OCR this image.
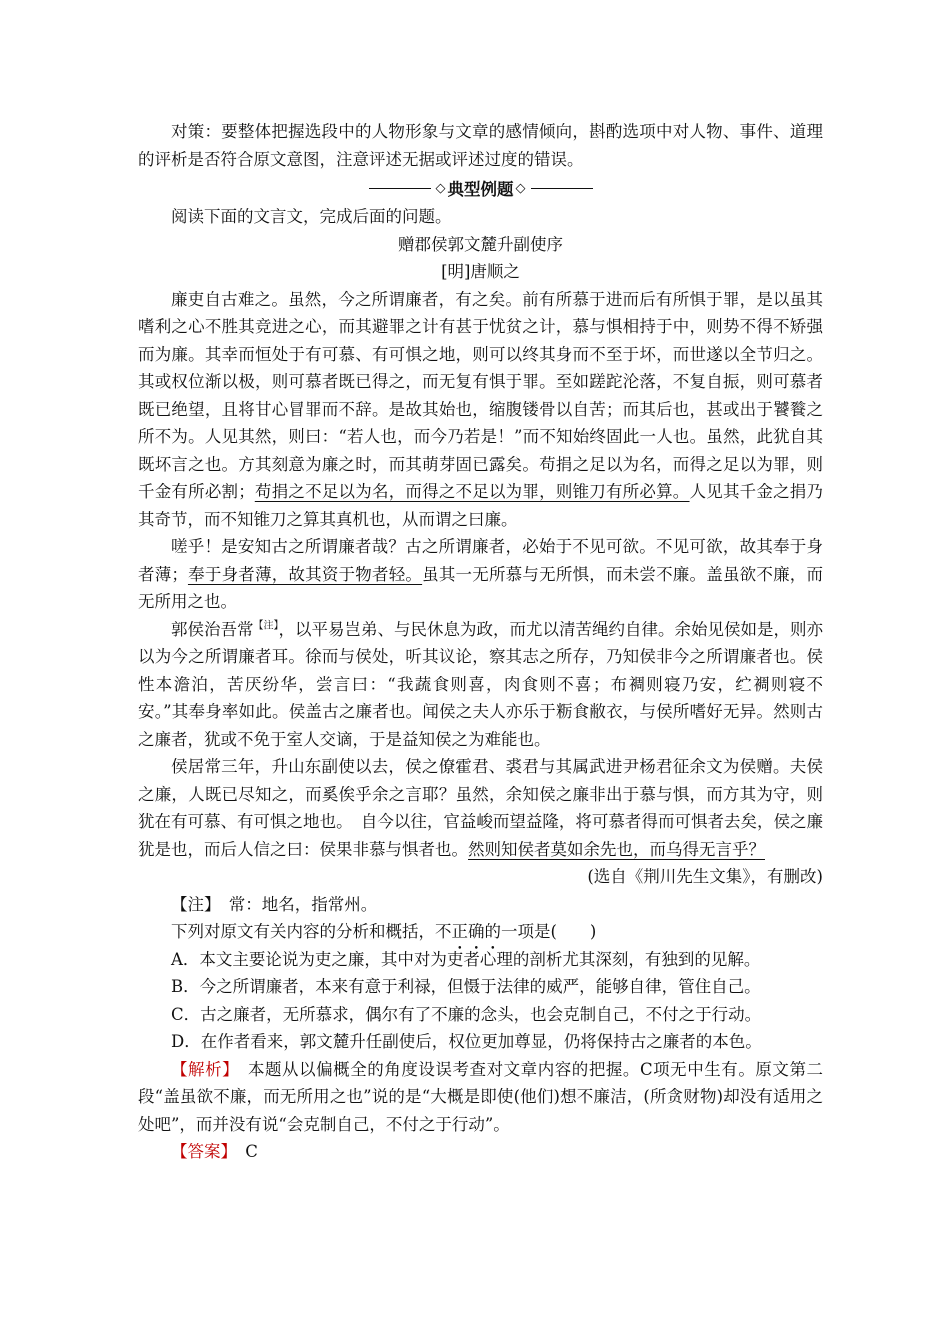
对策：要整体把握选段中的人物形象与文章的感情倾向，斟酌选项中对人物、事件、道理的评析是否符合原文意图，注意评述无据或评述过度的错误。

◇ 典型例题 ◇

阅读下面的文言文，完成后面的问题。

赠郡侯郭文麓升副使序

[明]唐顺之

廉吏自古难之。虽然，今之所谓廉者，有之矣。前有所慕于进而后有所惧于罪，是以虽其嗜利之心不胜其竞进之心，而其避罪之计有甚于忧贫之计，慕与惧相持于中，则势不得不矫强而为廉。其幸而恒处于有可慕、有可惧之地，则可以终其身而不至于坏，而世遂以全节归之。其或权位渐以极，则可慕者既已得之，而无复有惧于罪。至如蹉跎沦落，不复自振，则可慕者既已绝望，且将甘心冒罪而不辞。是故其始也，缩腹镂骨以自苦；而其后也，甚或出于饕餮之所不为。人见其然，则曰：“若人也，而今乃若是！”而不知始终固此一人也。虽然，此犹自其既坏言之也。方其刻意为廉之时，而其萌芽固已露矣。苟捐之足以为名，而得之足以为罪，则千金有所必割；苟捐之不足以为名，而得之不足以为罪，则锥刀有所必算。人见其千金之捐乃其奇节，而不知锥刀之算其真机也，从而谓之曰廉。

嗟乎！是安知古之所谓廉者哉？古之所谓廉者，必始于不见可欲。不见可欲，故其奉于身者薄；奉于身者薄，故其资于物者轻。虽其一无所慕与无所惧，而未尝不廉。盖虽欲不廉，而无所用之也。

郭侯治吾常$^{【注】}$，以平易岂弟、与民休息为政，而尤以清苦绳约自律。余始见侯如是，则亦以为今之所谓廉者耳。徐而与侯处，听其议论，察其志之所存，乃知侯非今之所谓廉者也。侯性本澹泊，苦厌纷华，尝言曰：“我蔬食则喜，肉食则不喜；布裯则寝乃安，纻裯则寝不安。”其奉身率如此。侯盖古之廉者也。闻侯之夫人亦乐于粝食敝衣，与侯所嗜好无异。然则古之廉者，犹或不免于室人交谪，于是益知侯之为难能也。

侯居常三年，升山东副使以去，侯之僚霍君、裘君与其属武进尹杨君征余文为侯赠。夫侯之廉，人既已尽知之，而奚俟乎余之言耶？虽然，余知侯之廉非出于慕与惧，而方其为守，则犹在有可慕、有可惧之地也。　自今以往，官益峻而望益隆，将可慕者得而可惧者去矣，侯之廉犹是也，而后人信之曰：侯果非慕与惧者也。然则知侯者莫如余先也，而乌得无言乎？

(选自《荆川先生文集》，有删改)

【注】　常：地名，指常州。

下列对原文有关内容的分析和概括，不正确的一项是(　　)

A．本文主要论说为吏之廉，其中对为吏者心理的剖析尤其深刻，有独到的见解。

B．今之所谓廉者，本来有意于利禄，但慑于法律的威严，能够自律，管住自己。

C．古之廉者，无所慕求，偶尔有了不廉的念头，也会克制自己，不付之于行动。

D．在作者看来，郭文麓升任副使后，权位更加尊显，仍将保持古之廉者的本色。

【解析】　本题从以偏概全的角度设误考查对文章内容的把握。C项无中生有。原文第二段“盖虽欲不廉，而无所用之也”说的是“大概是即使(他们)想不廉洁，(所贪财物)却没有适用之处吧”，而并没有说“会克制自己，不付之于行动”。

【答案】　C
